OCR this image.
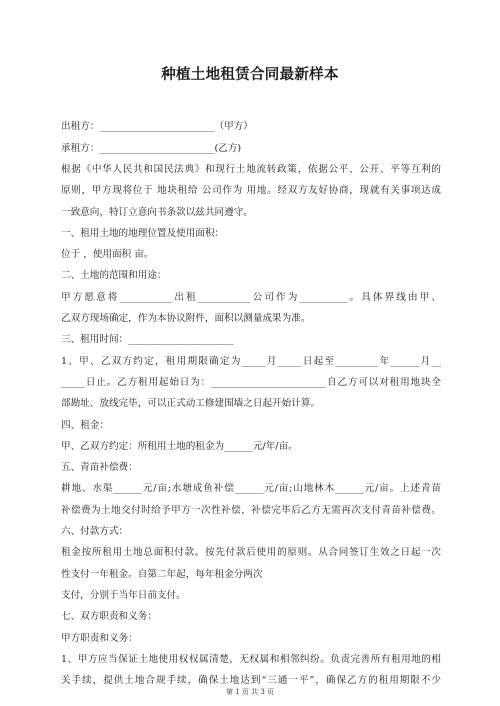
种植土地租赁合同最新样本
出租方：________________________（甲方）
承租方：________________________(乙方)
根据《中华人民共和国民法典》和现行土地流转政策，依据公平、公开、平等互利的
原则，甲方现将位于 地块租给 公司作为 用地。经双方友好协商，现就有关事项达成
一致意向，特订立意向书条款以兹共同遵守。
一、租用土地的地理位置及使用面积：
位于 ，使用面积 亩。
二、土地的范围和用途：
甲方愿意将___________出租___________公司作为__________。具体界线由甲、
乙双方现场确定，作为本协议附件，面积以测量成果为准。
三、租用时间：______________________
1、甲、乙双方约定，租用期限确定为_____月_____日起至_________年______月__
_____日止。乙方租用起始日为：________________________自乙方可以对租用地块全
部勘址、放线完毕，可以正式动工修建围墙之日起开始计算。
四、租金：
甲、乙双方约定：所租用土地的租金为______元/年/亩。
五、青苗补偿费：
耕地、水渠______元/亩;水塘成鱼补偿______元/亩;山地林木______元/亩。上述青苗
补偿费为土地交付时给予甲方一次性补偿，补偿完毕后乙方无需再次支付青苗补偿费。
六、付款方式：
租金按所租用土地总面积付款。按先付款后使用的原则。从合同签订生效之日起一次
性支付一年租金。自第二年起，每年租金分两次
支付，分别于当年日前支付。
七、双方职责和义务：
甲方职责和义务：
1、甲方应当保证土地使用权权属清楚，无权属和相邻纠纷。负责完善所有租用地的相
关手续，提供土地合规手续，确保土地达到“三通一平”，确保乙方的租用期限不少
第 1 页 共 3 页
